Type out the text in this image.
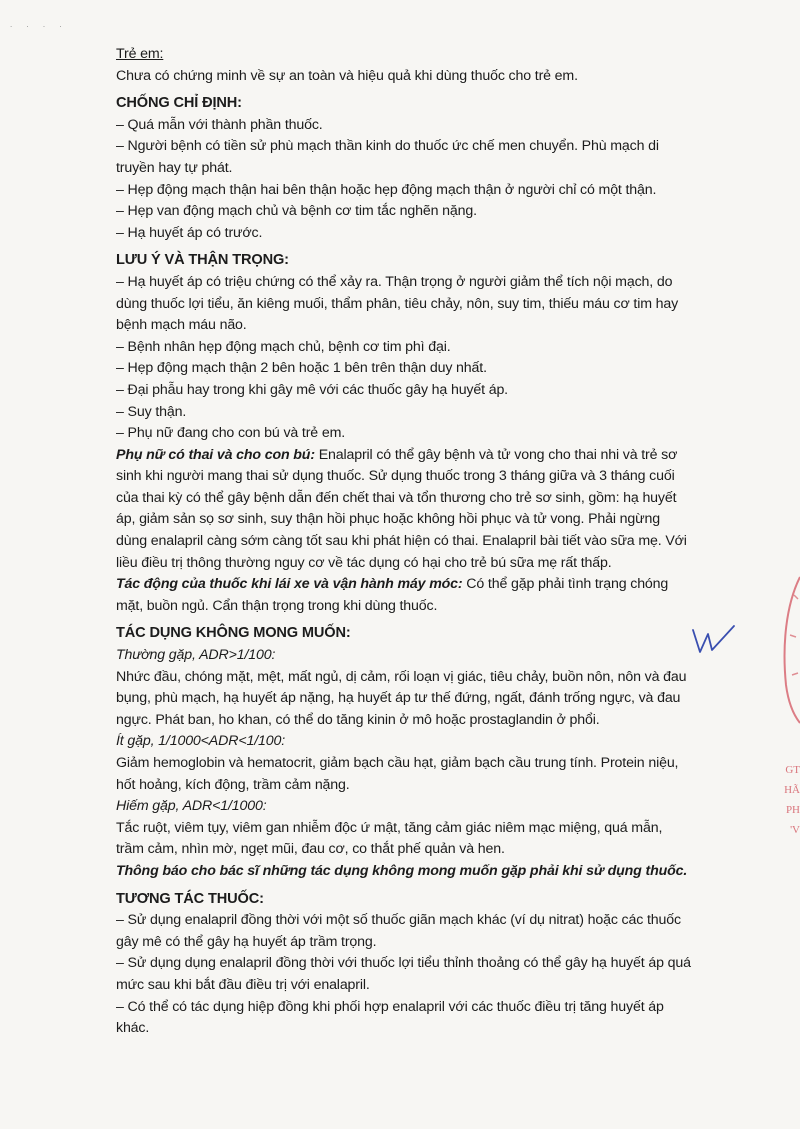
. . . .
Trẻ em:
Chưa có chứng minh về sự an toàn và hiệu quả khi dùng thuốc cho trẻ em.
CHỐNG CHỈ ĐỊNH:
– Quá mẫn với thành phần thuốc.
– Người bệnh có tiền sử phù mạch thần kinh do thuốc ức chế men chuyển. Phù mạch di
truyền hay tự phát.
– Hẹp động mạch thận hai bên thận hoặc hẹp động mạch thận ở người chỉ có một thận.
– Hẹp van động mạch chủ và bệnh cơ tim tắc nghẽn nặng.
– Hạ huyết áp có trước.
LƯU Ý VÀ THẬN TRỌNG:
– Hạ huyết áp có triệu chứng có thể xảy ra. Thận trọng ở người giảm thể tích nội mạch, do
dùng thuốc lợi tiểu, ăn kiêng muối, thẩm phân, tiêu chảy, nôn, suy tim, thiếu máu cơ tim hay
bệnh mạch máu não.
– Bệnh nhân hẹp động mạch chủ, bệnh cơ tim phì đại.
– Hẹp động mạch thận 2 bên hoặc 1 bên trên thận duy nhất.
– Đại phẫu hay trong khi gây mê với các thuốc gây hạ huyết áp.
– Suy thận.
– Phụ nữ đang cho con bú và trẻ em.
Phụ nữ có thai và cho con bú: Enalapril có thể gây bệnh và tử vong cho thai nhi và trẻ sơ
sinh khi người mang thai sử dụng thuốc. Sử dụng thuốc trong 3 tháng giữa và 3 tháng cuối
của thai kỳ có thể gây bệnh dẫn đến chết thai và tổn thương cho trẻ sơ sinh, gồm: hạ huyết
áp, giảm sản sọ sơ sinh, suy thận hồi phục hoặc không hồi phục và tử vong. Phải ngừng
dùng enalapril càng sớm càng tốt sau khi phát hiện có thai. Enalapril bài tiết vào sữa mẹ. Với
liều điều trị thông thường nguy cơ về tác dụng có hại cho trẻ bú sữa mẹ rất thấp.
Tác động của thuốc khi lái xe và vận hành máy móc: Có thể gặp phải tình trạng chóng
mặt, buồn ngủ. Cẩn thận trọng trong khi dùng thuốc.
TÁC DỤNG KHÔNG MONG MUỐN:
Thường gặp, ADR>1/100:
Nhức đầu, chóng mặt, mệt, mất ngủ, dị cảm, rối loạn vị giác, tiêu chảy, buồn nôn, nôn và đau
bụng, phù mạch, hạ huyết áp nặng, hạ huyết áp tư thế đứng, ngất, đánh trống ngực, và đau
ngực. Phát ban, ho khan, có thể do tăng kinin ở mô hoặc prostaglandin ở phổi.
Ít gặp, 1/1000<ADR<1/100:
Giảm hemoglobin và hematocrit, giảm bạch cầu hạt, giảm bạch cầu trung tính. Protein niệu,
hốt hoảng, kích động, trầm cảm nặng.
Hiếm gặp, ADR<1/1000:
Tắc ruột, viêm tụy, viêm gan nhiễm độc ứ mật, tăng cảm giác niêm mạc miệng, quá mẫn,
trầm cảm, nhìn mờ, ngẹt mũi, đau cơ, co thắt phế quản và hen.
Thông báo cho bác sĩ những tác dụng không mong muốn gặp phải khi sử dụng thuốc.
TƯƠNG TÁC THUỐC:
– Sử dụng enalapril đồng thời với một số thuốc giãn mạch khác (ví dụ nitrat) hoặc các thuốc
gây mê có thể gây hạ huyết áp trầm trọng.
– Sử dụng dụng enalapril đồng thời với thuốc lợi tiểu thỉnh thoảng có thể gây hạ huyết áp quá
mức sau khi bắt đầu điều trị với enalapril.
– Có thể có tác dụng hiệp đồng khi phối hợp enalapril với các thuốc điều trị tăng huyết áp
khác.
GT
HÃ
PH
'V
